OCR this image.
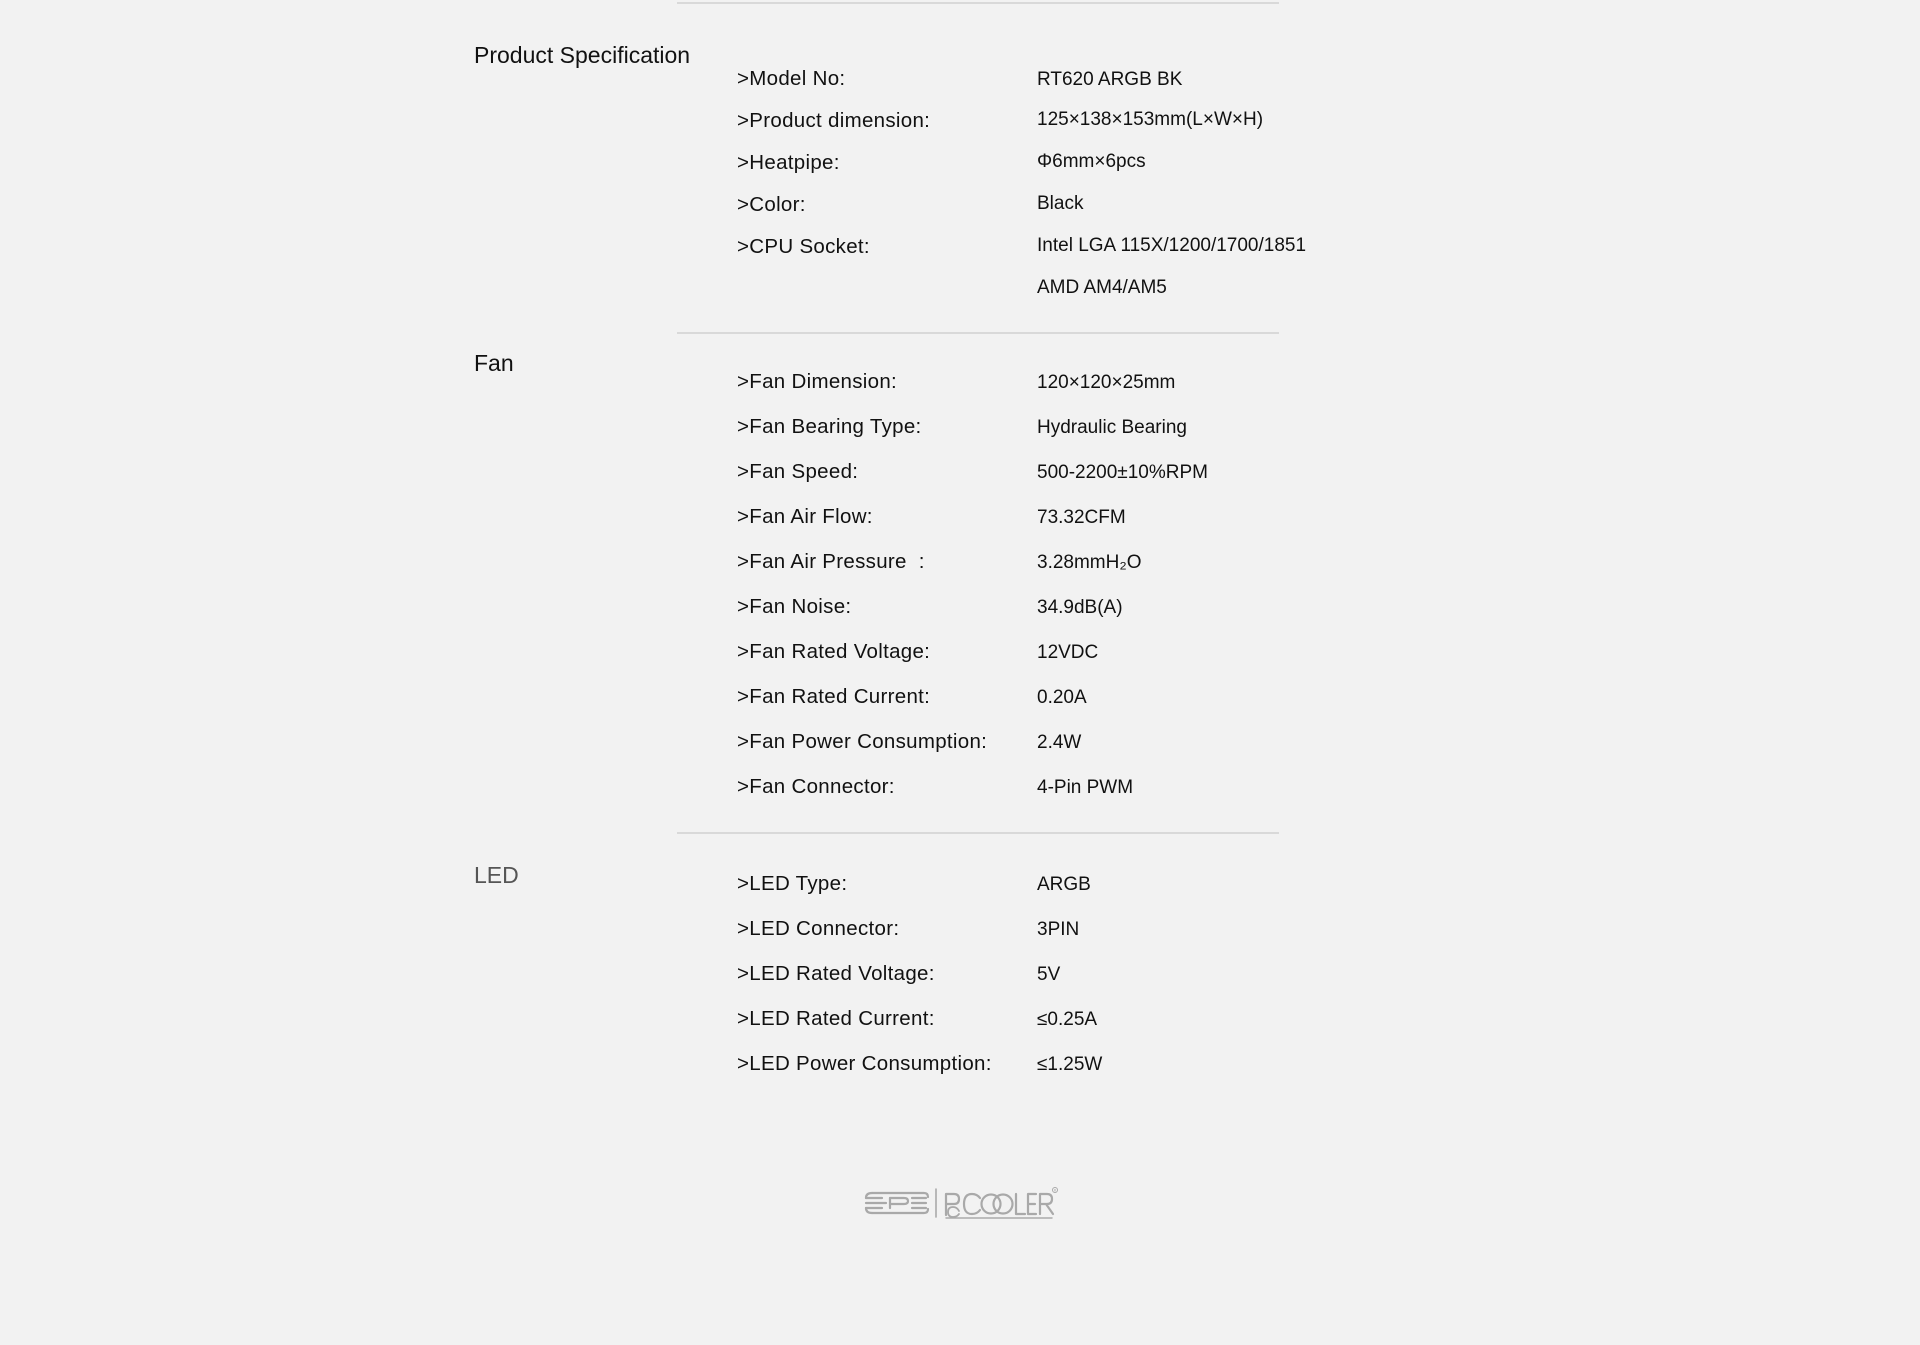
Product Specification
>Model No:	RT620 ARGB BK
>Product dimension:	125×138×153mm(L×W×H)
>Heatpipe:	Φ6mm×6pcs
>Color:	Black
>CPU Socket:	Intel LGA 115X/1200/1700/1851
AMD AM4/AM5
Fan
>Fan Dimension:	120×120×25mm
>Fan Bearing Type:	Hydraulic Bearing
>Fan Speed:	500-2200±10%RPM
>Fan Air Flow:	73.32CFM
>Fan Air Pressure  :	3.28mmH₂O
>Fan Noise:	34.9dB(A)
>Fan Rated Voltage:	12VDC
>Fan Rated Current:	0.20A
>Fan Power Consumption:	2.4W
>Fan Connector:	4-Pin PWM
LED	>LED Type:	ARGB
>LED Connector:	3PIN
>LED Rated Voltage:	5V
>LED Rated Current:	≤0.25A
>LED Power Consumption: ≤1.25W
R
